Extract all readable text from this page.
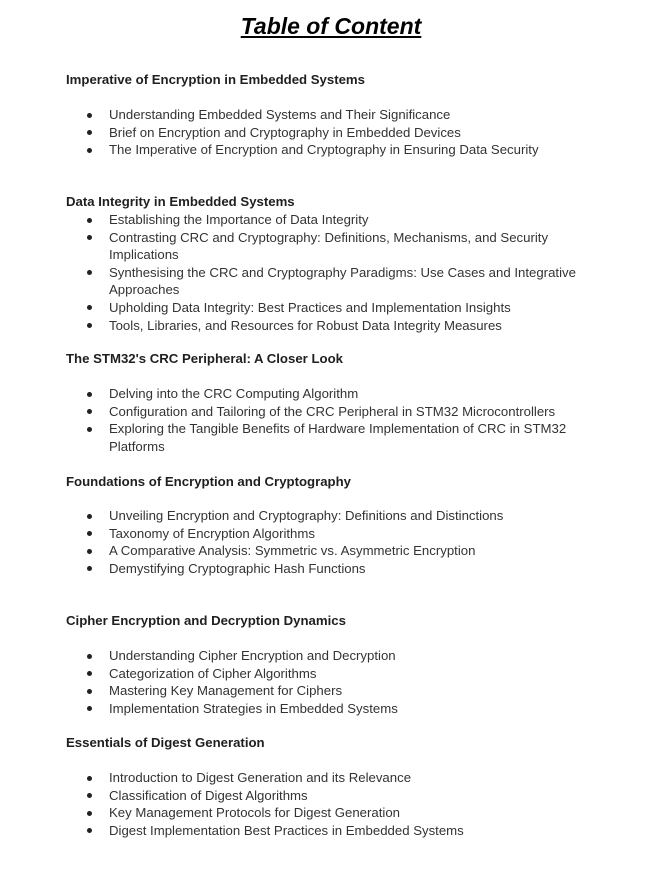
Table of Content
Imperative of Encryption in Embedded Systems
Understanding Embedded Systems and Their Significance
Brief on Encryption and Cryptography in Embedded Devices
The Imperative of Encryption and Cryptography in Ensuring Data Security
Data Integrity in Embedded Systems
Establishing the Importance of Data Integrity
Contrasting CRC and Cryptography: Definitions, Mechanisms, and Security Implications
Synthesising the CRC and Cryptography Paradigms: Use Cases and Integrative Approaches
Upholding Data Integrity: Best Practices and Implementation Insights
Tools, Libraries, and Resources for Robust Data Integrity Measures
The STM32's CRC Peripheral: A Closer Look
Delving into the CRC Computing Algorithm
Configuration and Tailoring of the CRC Peripheral in STM32 Microcontrollers
Exploring the Tangible Benefits of Hardware Implementation of CRC in STM32 Platforms
Foundations of Encryption and Cryptography
Unveiling Encryption and Cryptography: Definitions and Distinctions
Taxonomy of Encryption Algorithms
A Comparative Analysis: Symmetric vs. Asymmetric Encryption
Demystifying Cryptographic Hash Functions
Cipher Encryption and Decryption Dynamics
Understanding Cipher Encryption and Decryption
Categorization of Cipher Algorithms
Mastering Key Management for Ciphers
Implementation Strategies in Embedded Systems
Essentials of Digest Generation
Introduction to Digest Generation and its Relevance
Classification of Digest Algorithms
Key Management Protocols for Digest Generation
Digest Implementation Best Practices in Embedded Systems
